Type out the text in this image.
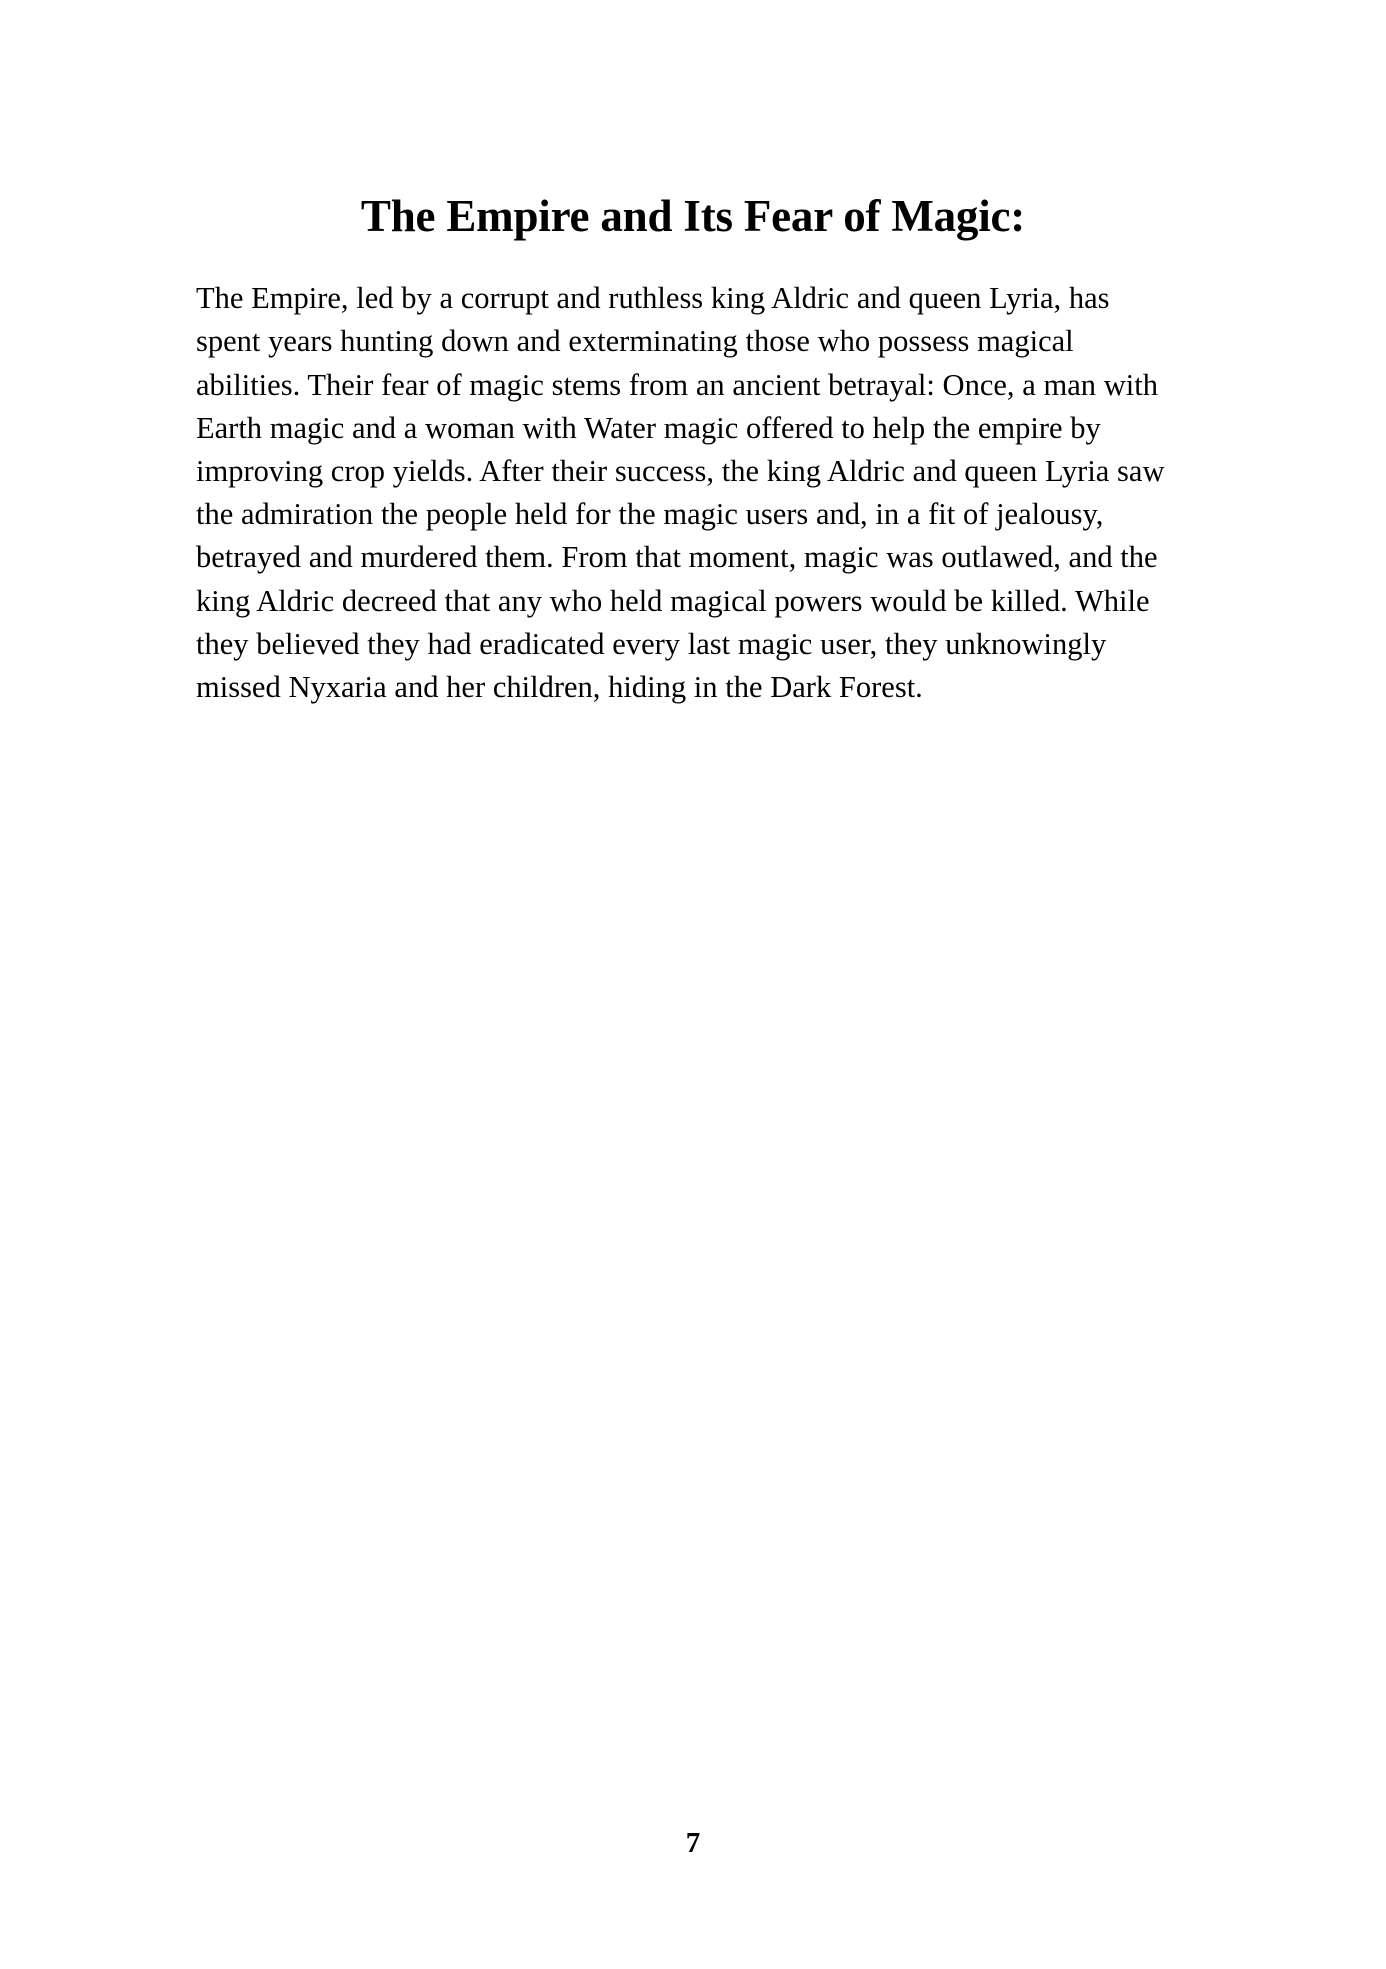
The Empire and Its Fear of Magic:

The Empire, led by a corrupt and ruthless king Aldric and queen Lyria, has spent years hunting down and exterminating those who possess magical abilities. Their fear of magic stems from an ancient betrayal: Once, a man with Earth magic and a woman with Water magic offered to help the empire by improving crop yields. After their success, the king Aldric and queen Lyria saw the admiration the people held for the magic users and, in a fit of jealousy, betrayed and murdered them. From that moment, magic was outlawed, and the king Aldric decreed that any who held magical powers would be killed. While they believed they had eradicated every last magic user, they unknowingly missed Nyxaria and her children, hiding in the Dark Forest.

7
